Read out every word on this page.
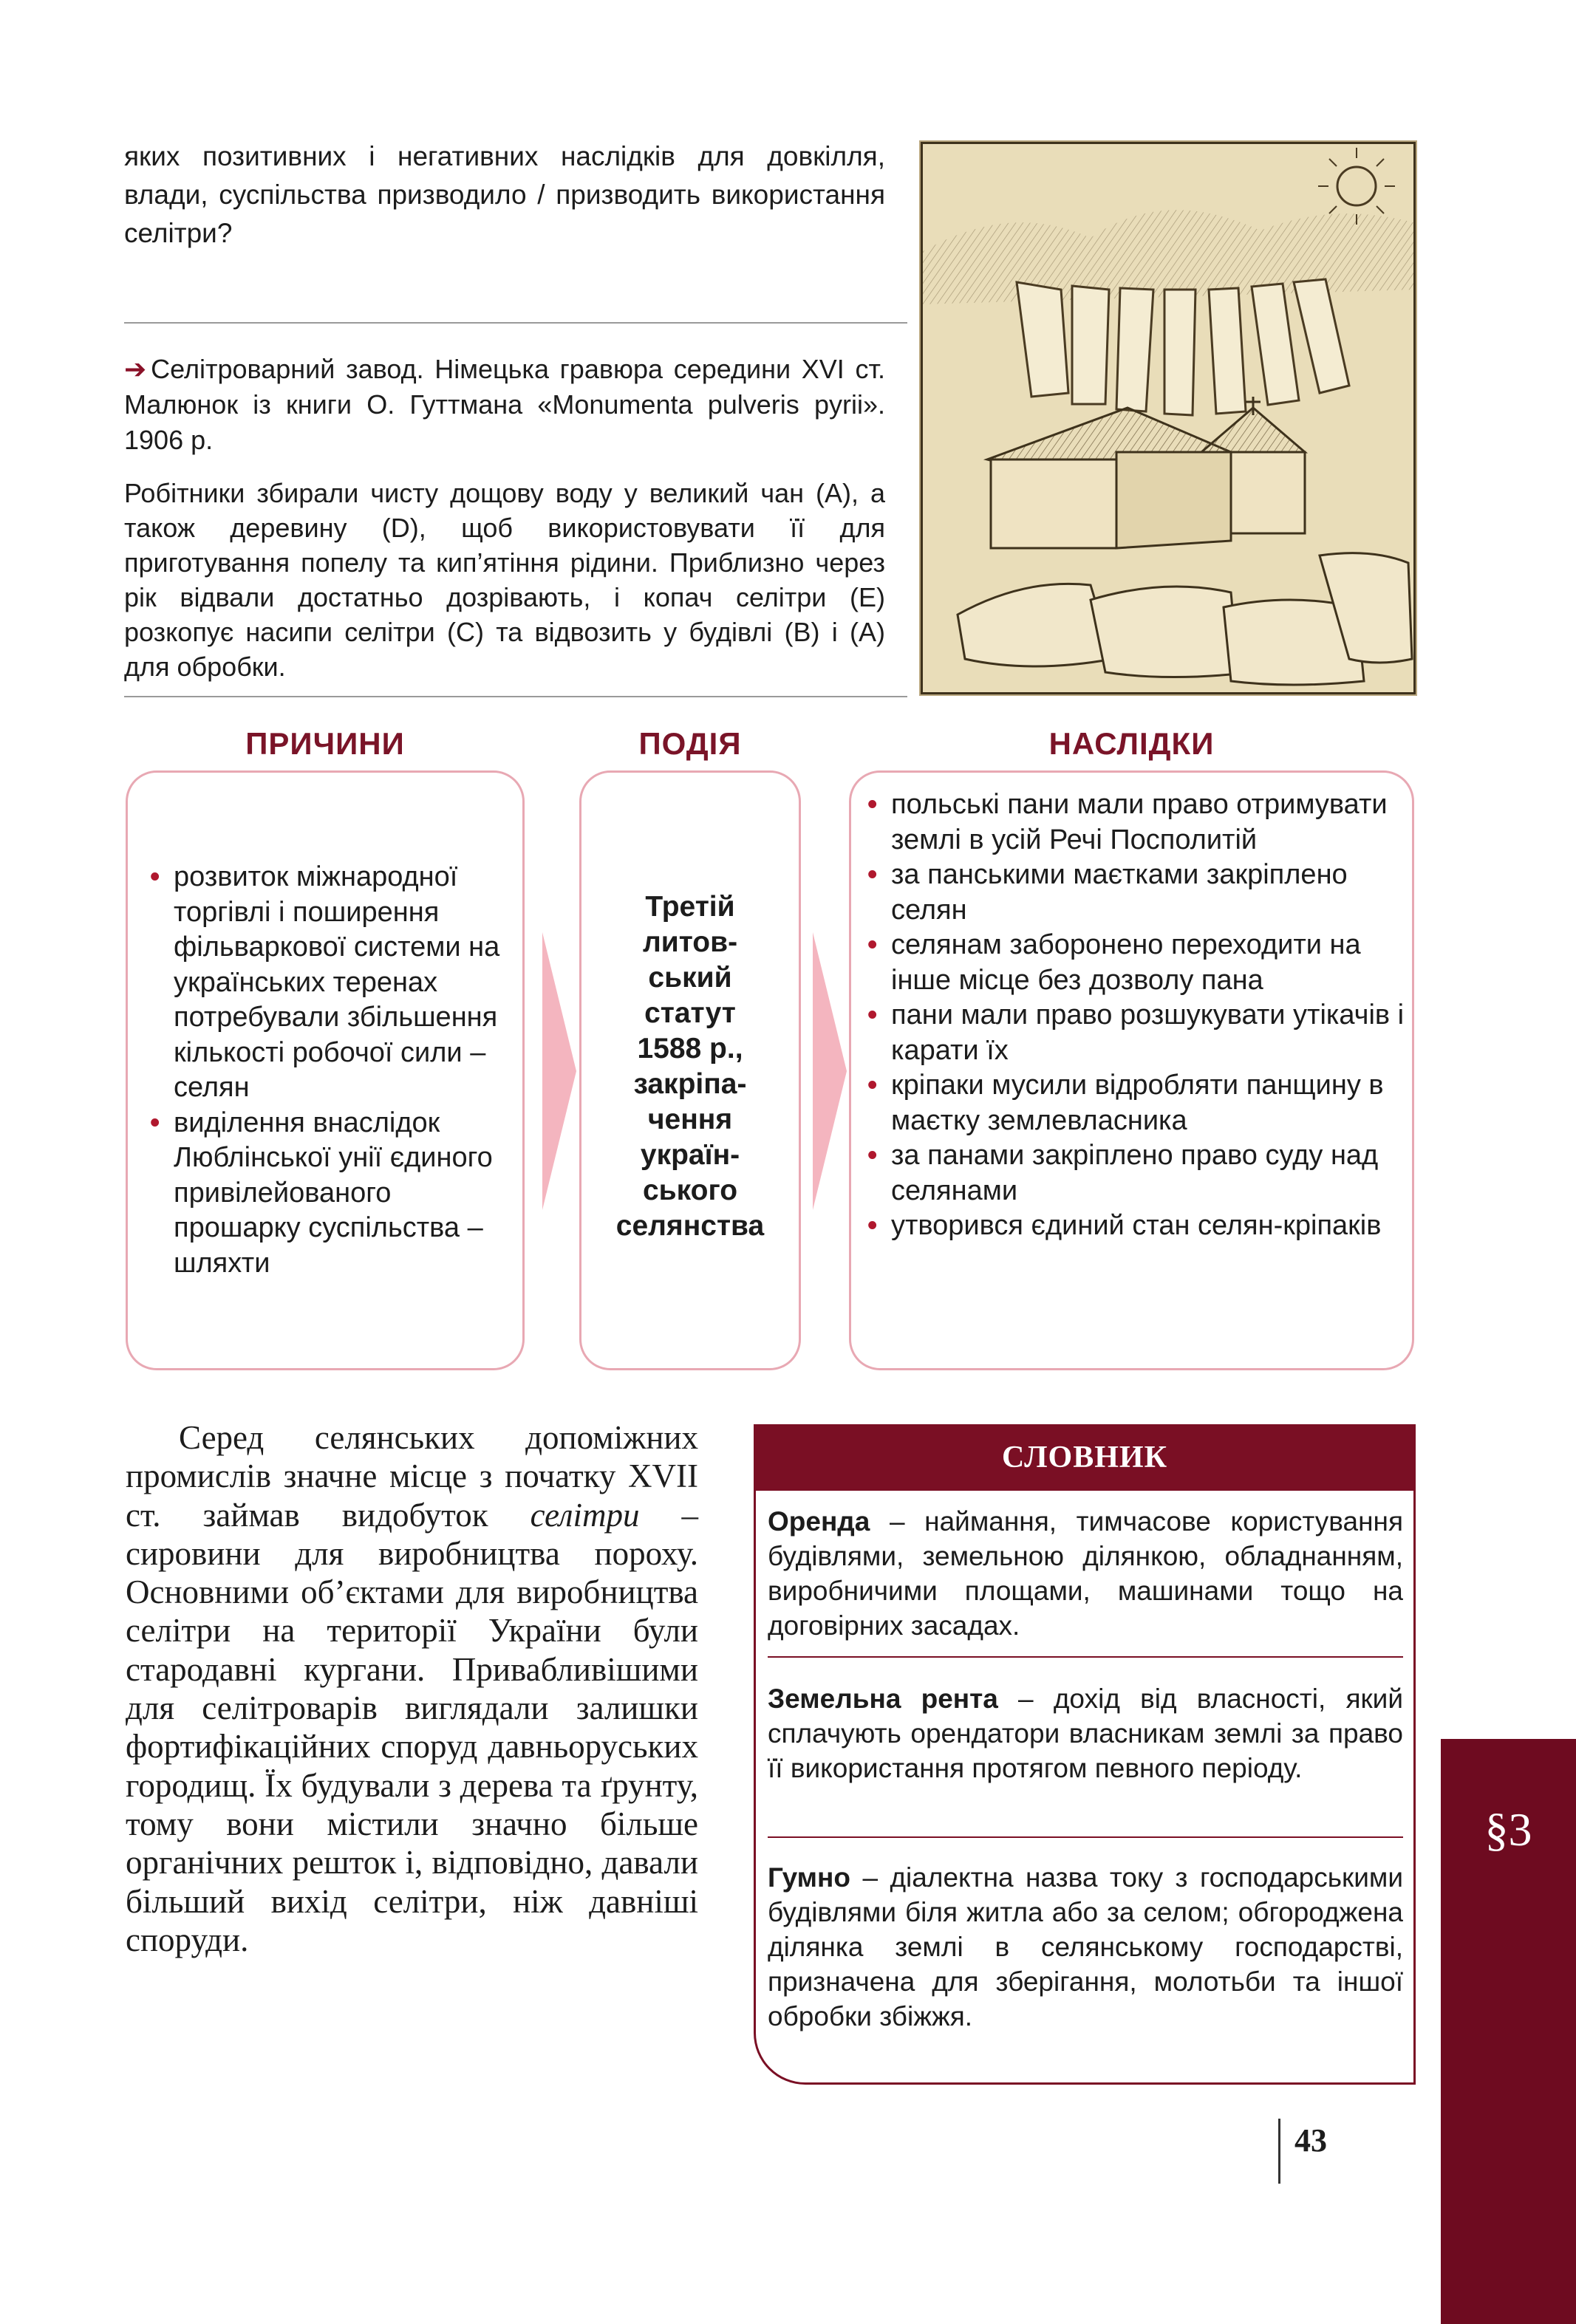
яких позитивних і негативних наслідків для довкілля, влади, суспільства призводило / призводить використання селітри?
➔ Селітроварний завод. Німецька гравюра середини XVI ст. Малюнок із книги О. Гуттмана «Monumenta pulveris pyrii». 1906 р.
Робітники збирали чисту дощову воду у великий чан (А), а також деревину (D), щоб використовувати її для приготування попелу та кип’ятіння рідини. Приблизно через рік відвали достатньо дозрівають, і копач селітри (Е) розкопує насипи селітри (С) та відвозить у будівлі (В) і (А) для обробки.
ПРИЧИНИ	ПОДІЯ	НАСЛІДКИ
• розвиток міжнародної торгівлі і поширення фільваркової системи на українських теренах потребували збільшення кількості робочої сили – селян
• виділення внаслідок Люблінської унії єдиного привілейованого прошарку суспільства – шляхти
Третій
литов-
ський
статут
1588 р.,
закріпа-
чення
україн-
ського
селянства
• польські пани мали право отримувати землі в усій Речі Посполитій
• за панськими маєтками закріплено селян
• селянам заборонено переходити на інше місце без дозволу пана
• пани мали право розшукувати утікачів і карати їх
• кріпаки мусили відробляти панщину в маєтку землевласника
• за панами закріплено право суду над селянами
• утворився єдиний стан селян-кріпаків
Серед селянських допоміжних промислів значне місце з початку XVII ст. займав видобуток селітри – сировини для виробництва пороху. Основними об’єктами для виробництва селітри на території України були стародавні кургани. Привабливішими для селітроварів виглядали залишки фортифікаційних споруд давньоруських городищ. Їх будували з дерева та ґрунту, тому вони містили значно більше органічних решток і, відповідно, давали більший вихід селітри, ніж давніші споруди.
СЛОВНИК
Оренда – наймання, тимчасове користування будівлями, земельною ділянкою, обладнанням, виробничими площами, машинами тощо на договірних засадах.
Земельна рента – дохід від власності, який сплачують орендатори власникам землі за право її використання протягом певного періоду.
Гумно – діалектна назва току з господарськими будівлями біля житла або за селом; обгороджена ділянка землі в селянському господарстві, призначена для зберігання, молотьби та іншої обробки збіжжя.
43
§3
